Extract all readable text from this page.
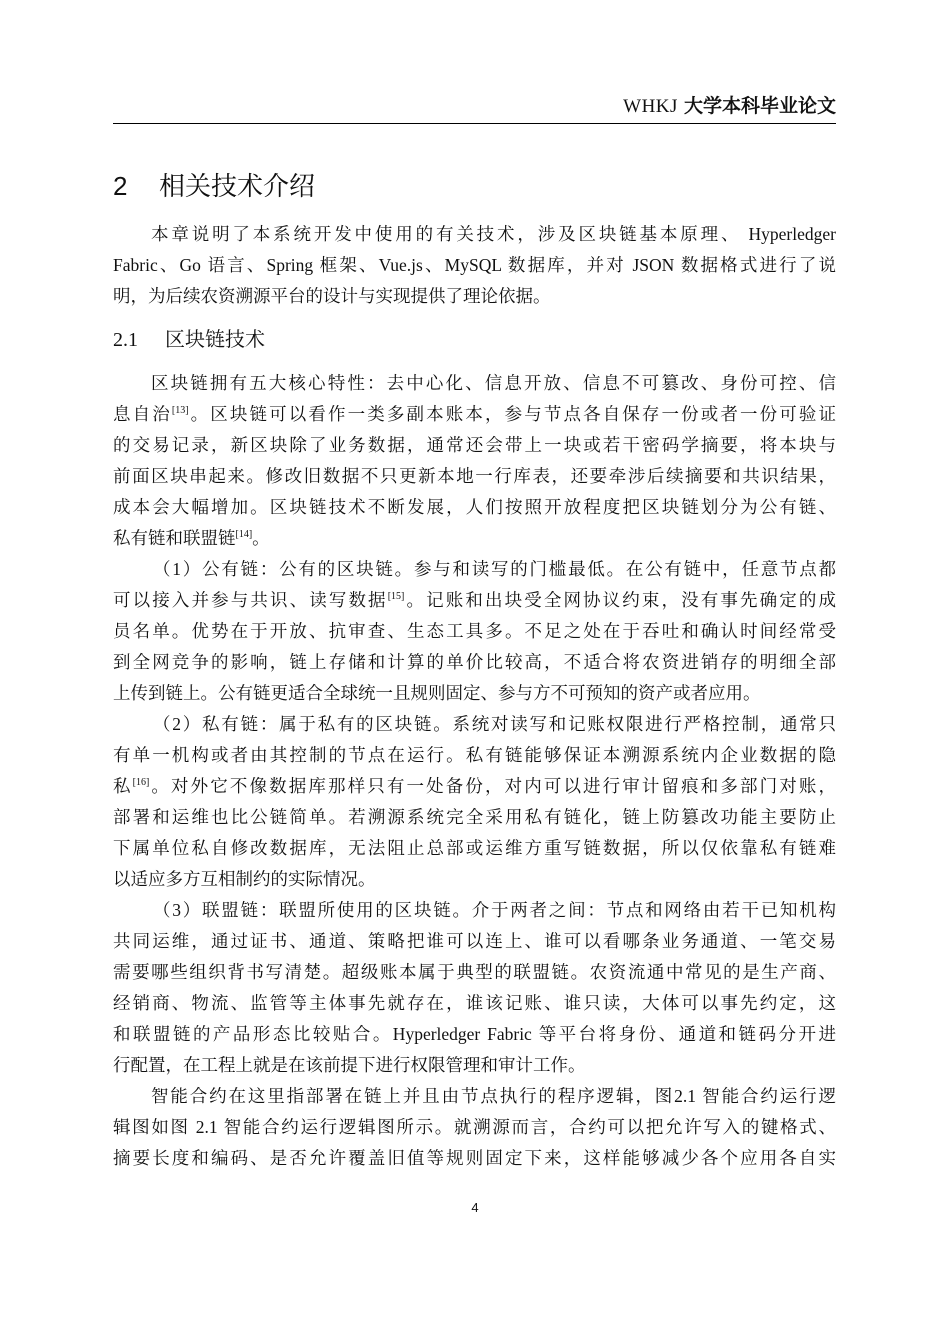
WHKJ 大学本科毕业论文
2 相关技术介绍
本章说明了本系统开发中使用的有关技术，涉及区块链基本原理、 Hyperledger
Fabric、Go 语言、Spring 框架、Vue.js、MySQL 数据库，并对 JSON 数据格式进行了说
明，为后续农资溯源平台的设计与实现提供了理论依据。
2.1 区块链技术
区块链拥有五大核心特性：去中心化、信息开放、信息不可篡改、身份可控、信
息自治[13]。区块链可以看作一类多副本账本，参与节点各自保存一份或者一份可验证
的交易记录，新区块除了业务数据，通常还会带上一块或若干密码学摘要，将本块与
前面区块串起来。修改旧数据不只更新本地一行库表，还要牵涉后续摘要和共识结果，
成本会大幅增加。区块链技术不断发展，人们按照开放程度把区块链划分为公有链、
私有链和联盟链[14]。
（1）公有链：公有的区块链。参与和读写的门槛最低。在公有链中，任意节点都
可以接入并参与共识、读写数据[15]。记账和出块受全网协议约束，没有事先确定的成
员名单。优势在于开放、抗审查、生态工具多。不足之处在于吞吐和确认时间经常受
到全网竞争的影响，链上存储和计算的单价比较高，不适合将农资进销存的明细全部
上传到链上。公有链更适合全球统一且规则固定、参与方不可预知的资产或者应用。
（2）私有链：属于私有的区块链。系统对读写和记账权限进行严格控制，通常只
有单一机构或者由其控制的节点在运行。私有链能够保证本溯源系统内企业数据的隐
私[16]。对外它不像数据库那样只有一处备份，对内可以进行审计留痕和多部门对账，
部署和运维也比公链简单。若溯源系统完全采用私有链化，链上防篡改功能主要防止
下属单位私自修改数据库，无法阻止总部或运维方重写链数据，所以仅依靠私有链难
以适应多方互相制约的实际情况。
（3）联盟链：联盟所使用的区块链。介于两者之间：节点和网络由若干已知机构
共同运维，通过证书、通道、策略把谁可以连上、谁可以看哪条业务通道、一笔交易
需要哪些组织背书写清楚。超级账本属于典型的联盟链。农资流通中常见的是生产商、
经销商、物流、监管等主体事先就存在，谁该记账、谁只读，大体可以事先约定，这
和联盟链的产品形态比较贴合。Hyperledger Fabric 等平台将身份、通道和链码分开进
行配置，在工程上就是在该前提下进行权限管理和审计工作。
智能合约在这里指部署在链上并且由节点执行的程序逻辑，图2.1 智能合约运行逻
辑图如图 2.1 智能合约运行逻辑图所示。就溯源而言，合约可以把允许写入的键格式、
摘要长度和编码、是否允许覆盖旧值等规则固定下来，这样能够减少各个应用各自实
4
